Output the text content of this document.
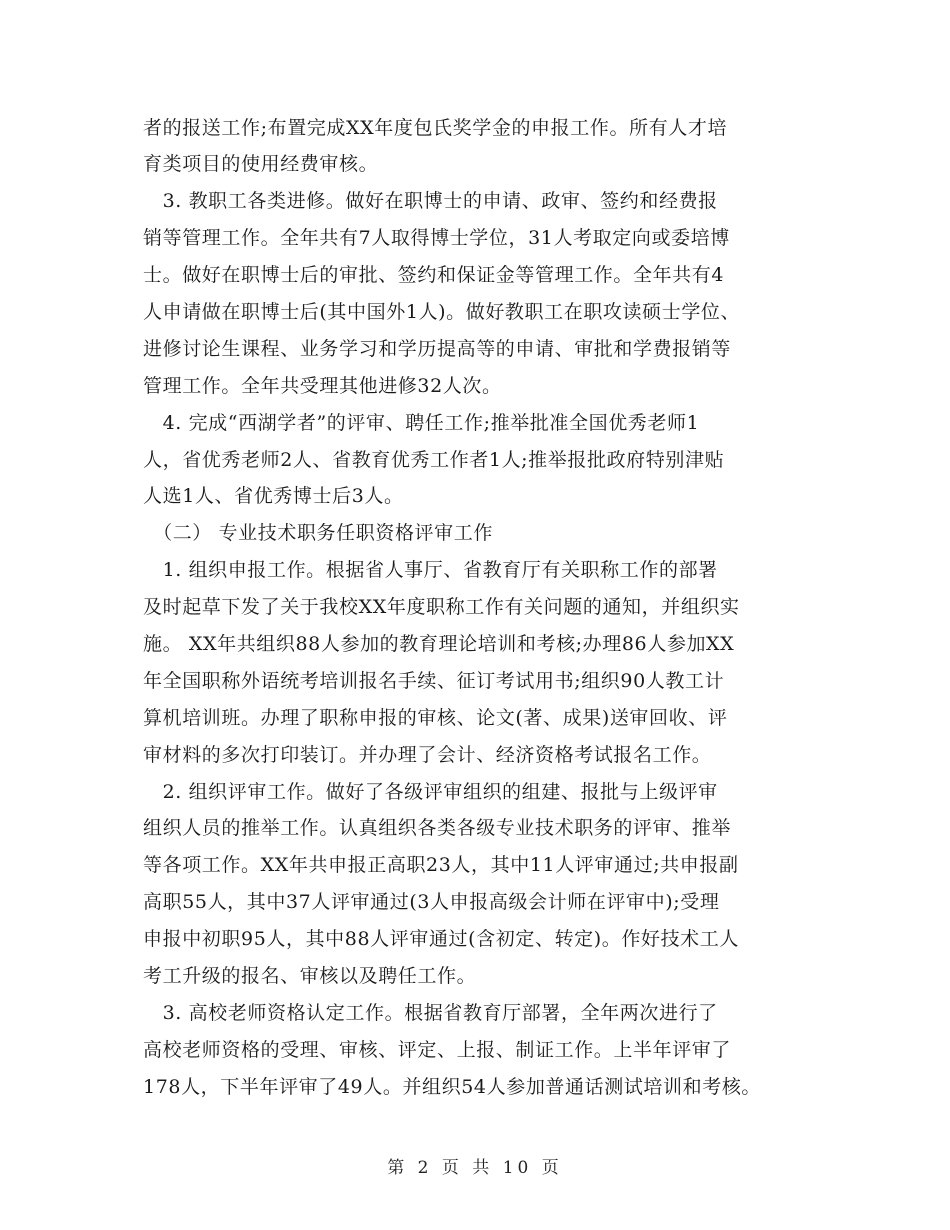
者的报送工作;布置完成XX年度包氏奖学金的申报工作。所有人才培
育类项目的使用经费审核。
　3. 教职工各类进修。做好在职博士的申请、政审、签约和经费报
销等管理工作。全年共有7人取得博士学位，31人考取定向或委培博
士。做好在职博士后的审批、签约和保证金等管理工作。全年共有4
人申请做在职博士后(其中国外1人)。做好教职工在职攻读硕士学位、
进修讨论生课程、业务学习和学历提高等的申请、审批和学费报销等
管理工作。全年共受理其他进修32人次。
　4. 完成“西湖学者”的评审、聘任工作;推举批准全国优秀老师1
人，省优秀老师2人、省教育优秀工作者1人;推举报批政府特别津贴
人选1人、省优秀博士后3人。
　（二） 专业技术职务任职资格评审工作
　1. 组织申报工作。根据省人事厅、省教育厅有关职称工作的部署
及时起草下发了关于我校XX年度职称工作有关问题的通知，并组织实
施。 XX年共组织88人参加的教育理论培训和考核;办理86人参加XX
年全国职称外语统考培训报名手续、征订考试用书;组织90人教工计
算机培训班。办理了职称申报的审核、论文(著、成果)送审回收、评
审材料的多次打印装订。并办理了会计、经济资格考试报名工作。
　2. 组织评审工作。做好了各级评审组织的组建、报批与上级评审
组织人员的推举工作。认真组织各类各级专业技术职务的评审、推举
等各项工作。XX年共申报正高职23人，其中11人评审通过;共申报副
高职55人，其中37人评审通过(3人申报高级会计师在评审中);受理
申报中初职95人，其中88人评审通过(含初定、转定)。作好技术工人
考工升级的报名、审核以及聘任工作。
　3. 高校老师资格认定工作。根据省教育厅部署，全年两次进行了
高校老师资格的受理、审核、评定、上报、制证工作。上半年评审了
178人，下半年评审了49人。并组织54人参加普通话测试培训和考核。
第 2 页 共 10 页
